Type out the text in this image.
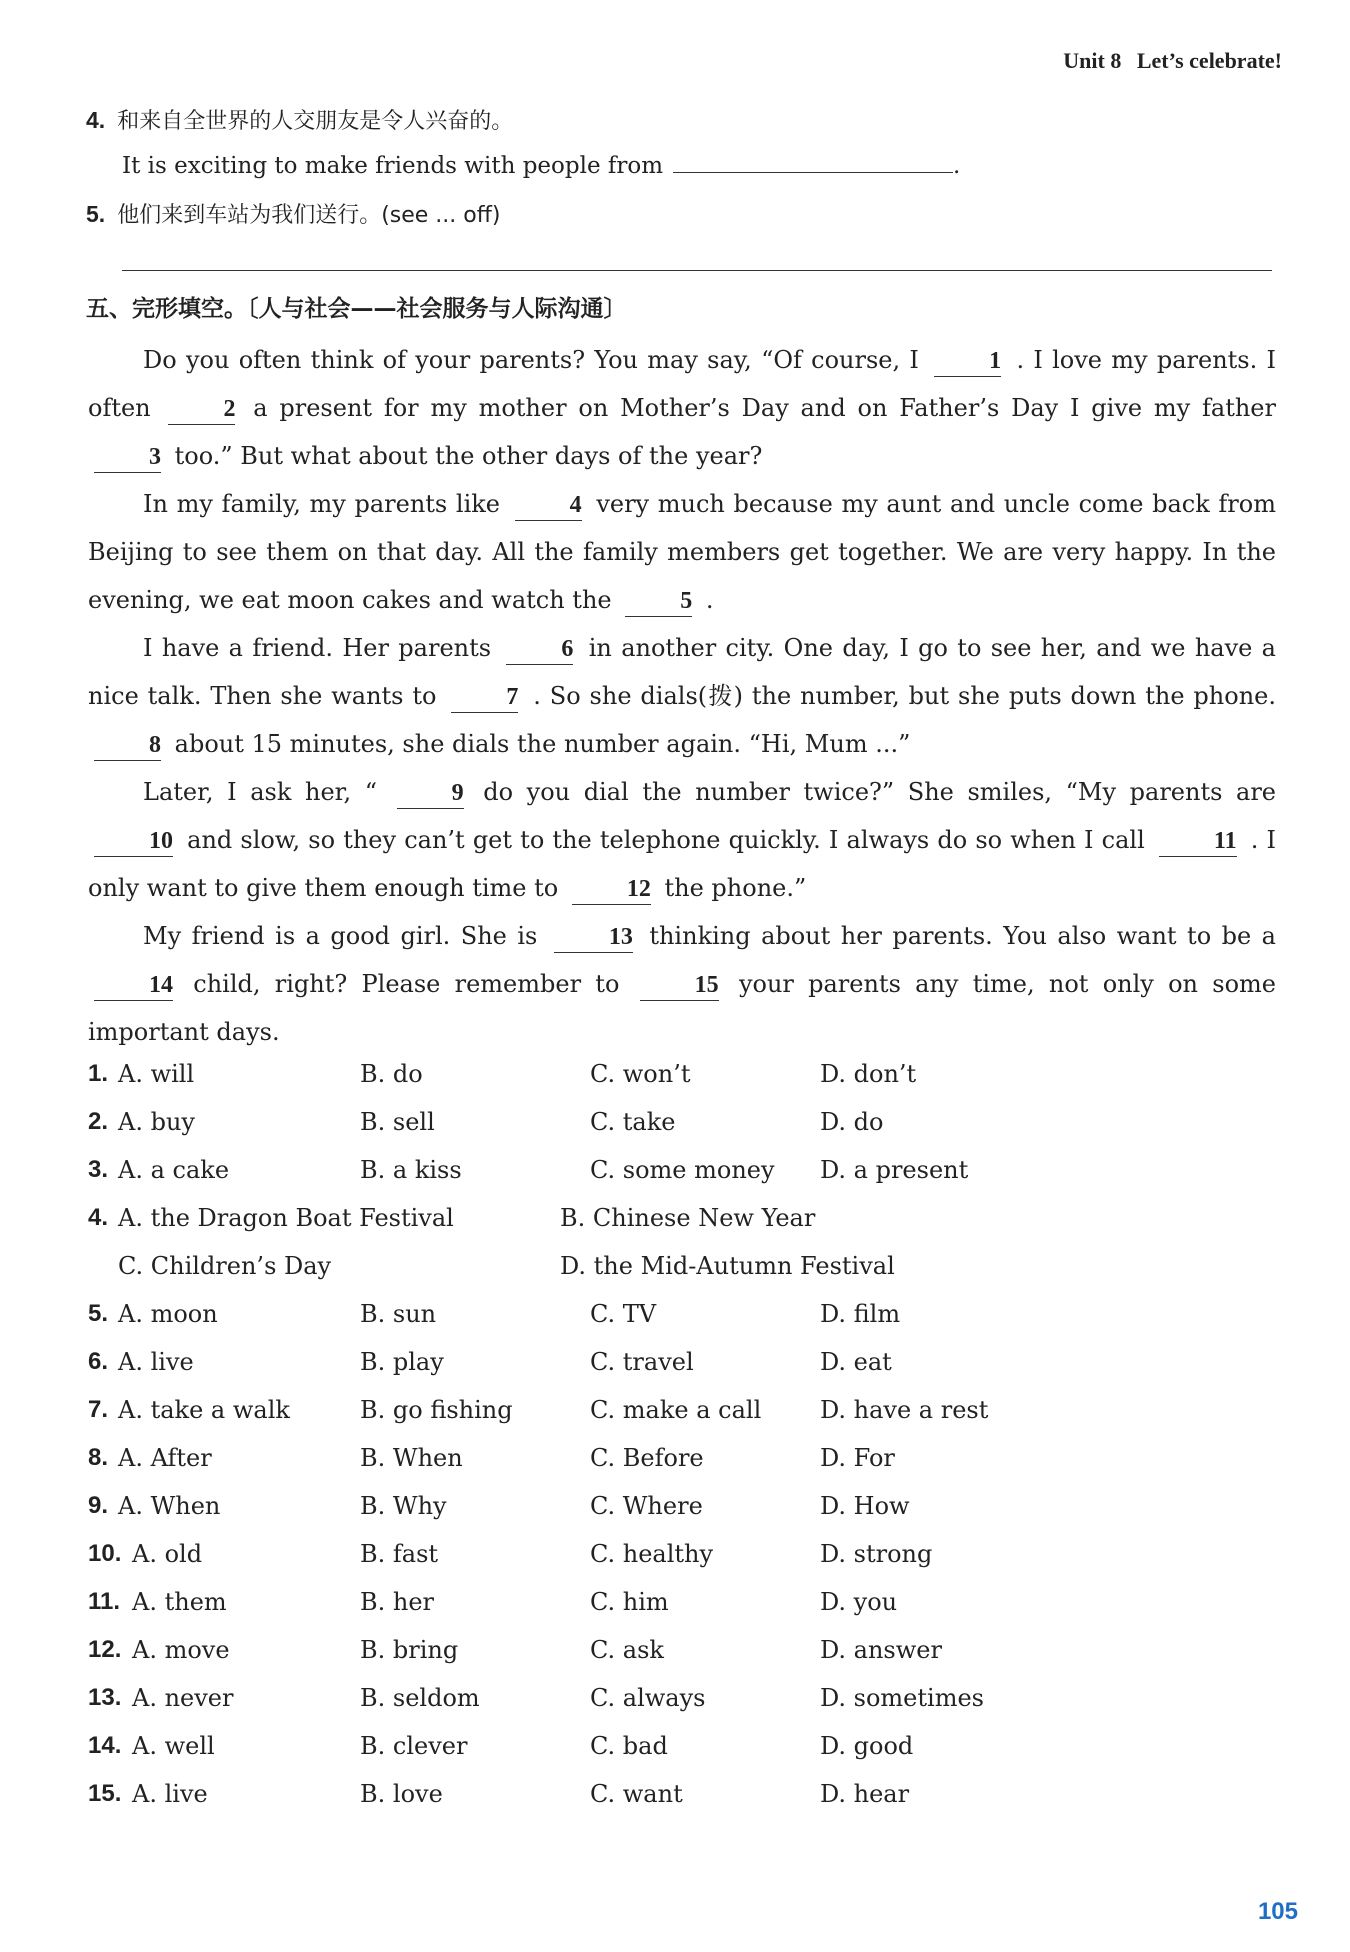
Unit 8 Let’s celebrate!
4. 和来自全世界的人交朋友是令人兴奋的。
It is exciting to make friends with people from	.
5. 他们来到车站为我们送行。(see ... off)
五、完形填空。〔人与社会——社会服务与人际沟通〕

Do you often think of your parents? You may say, “Of course, I	1 . I love my parents. I often	2 a present for my mother on Mother’s Day and on Father’s Day I give my father 3 too.” But what about the other days of the year?

In my family, my parents like	4 very much because my aunt and uncle come back from Beijing to see them on that day. All the family members get together. We are very happy. In the evening, we eat moon cakes and watch the	5 .

I have a friend. Her parents	6 in another city. One day, I go to see her, and we have a nice talk. Then she wants to	7 . So she dials(拨) the number, but she puts down the phone. 8 about 15 minutes, she dials the number again. “Hi, Mum ...”

Later, I ask her, “	9 do you dial the number twice?” She smiles, “My parents are 10 and slow, so they can’t get to the telephone quickly. I always do so when I call	11 . I only want to give them enough time to	12 the phone.”

My friend is a good girl. She is	13 thinking about her parents. You also want to be a 14 child, right? Please remember to	15 your parents any time, not only on some important days.

1. A. will	B. do	C. won’t	D. don’t
2. A. buy	B. sell	C. take	D. do
3. A. a cake	B. a kiss	C. some money D. a present
4. A. the Dragon Boat Festival	B. Chinese New Year
C. Children’s Day	D. the Mid-Autumn Festival
5. A. moon	B. sun	C. TV	D. film
6. A. live	B. play	C. travel	D. eat
7. A. take a walk	B. go fishing	C. make a call D. have a rest
8. A. After	B. When	C. Before	D. For
9. A. When	B. Why	C. Where	D. How
10. A. old	B. fast	C. healthy	D. strong
11. A. them	B. her	C. him	D. you
12. A. move	B. bring	C. ask	D. answer
13. A. never	B. seldom	C. always	D. sometimes
14. A. well	B. clever	C. bad	D. good
15. A. live	B. love	C. want	D. hear
105
